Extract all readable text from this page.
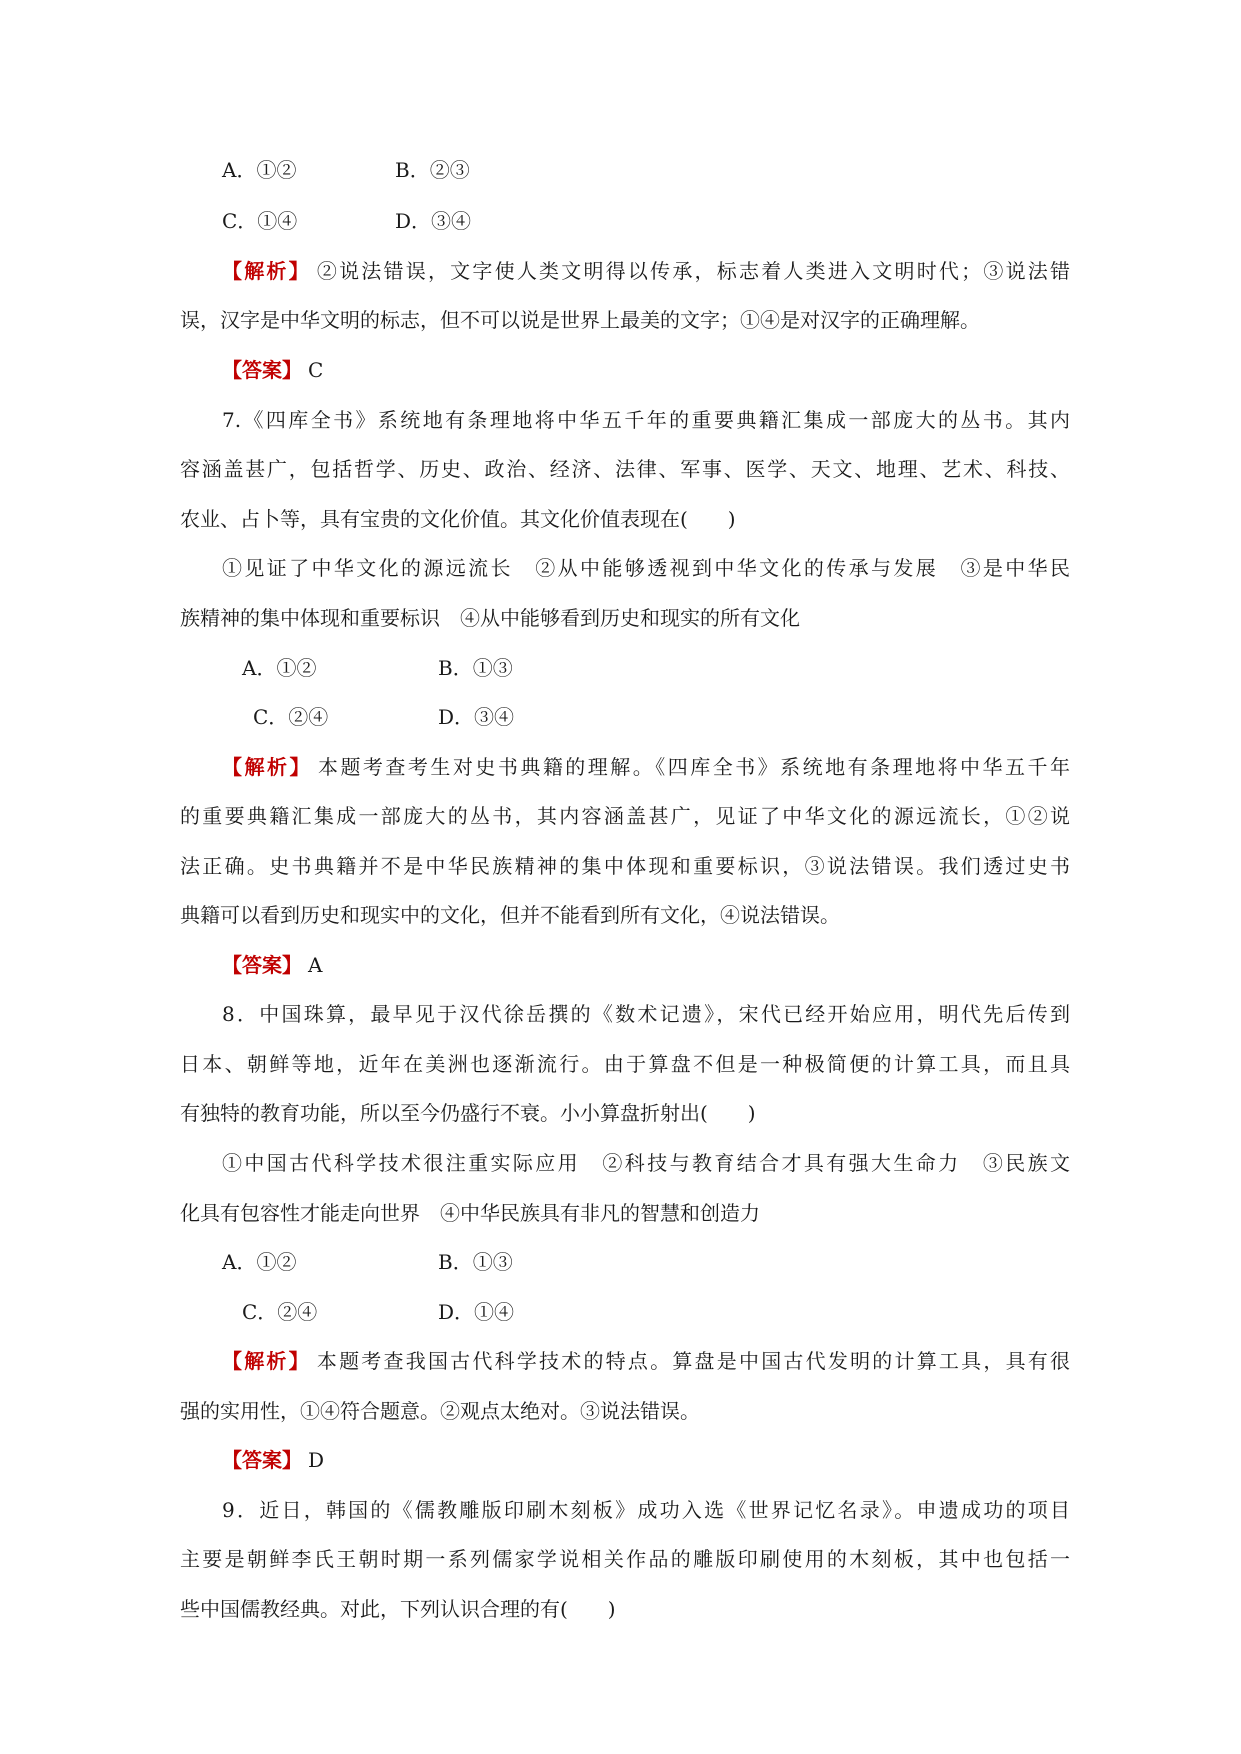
A．①②	B．②③
C．①④	D．③④
【解析】 ②说法错误，文字使人类文明得以传承，标志着人类进入文明时代；③说法错
误，汉字是中华文明的标志，但不可以说是世界上最美的文字；①④是对汉字的正确理解。
【答案】 C
7.《四库全书》系统地有条理地将中华五千年的重要典籍汇集成一部庞大的丛书。其内
容涵盖甚广，包括哲学、历史、政治、经济、法律、军事、医学、天文、地理、艺术、科技、
农业、占卜等，具有宝贵的文化价值。其文化价值表现在(　　)
①见证了中华文化的源远流长　②从中能够透视到中华文化的传承与发展　③是中华民
族精神的集中体现和重要标识　④从中能够看到历史和现实的所有文化
A．①②	B．①③
C．②④	D．③④
【解析】 本题考查考生对史书典籍的理解。《四库全书》系统地有条理地将中华五千年
的重要典籍汇集成一部庞大的丛书，其内容涵盖甚广，见证了中华文化的源远流长，①②说
法正确。史书典籍并不是中华民族精神的集中体现和重要标识，③说法错误。我们透过史书
典籍可以看到历史和现实中的文化，但并不能看到所有文化，④说法错误。
【答案】 A
8．中国珠算，最早见于汉代徐岳撰的《数术记遗》，宋代已经开始应用，明代先后传到
日本、朝鲜等地，近年在美洲也逐渐流行。由于算盘不但是一种极简便的计算工具，而且具
有独特的教育功能，所以至今仍盛行不衰。小小算盘折射出(　　)
①中国古代科学技术很注重实际应用　②科技与教育结合才具有强大生命力　③民族文
化具有包容性才能走向世界　④中华民族具有非凡的智慧和创造力
A．①②	B．①③
C．②④	D．①④
【解析】 本题考查我国古代科学技术的特点。算盘是中国古代发明的计算工具，具有很
强的实用性，①④符合题意。②观点太绝对。③说法错误。
【答案】 D
9．近日，韩国的《儒教雕版印刷木刻板》成功入选《世界记忆名录》。申遗成功的项目
主要是朝鲜李氏王朝时期一系列儒家学说相关作品的雕版印刷使用的木刻板，其中也包括一
些中国儒教经典。对此，下列认识合理的有(　　)
